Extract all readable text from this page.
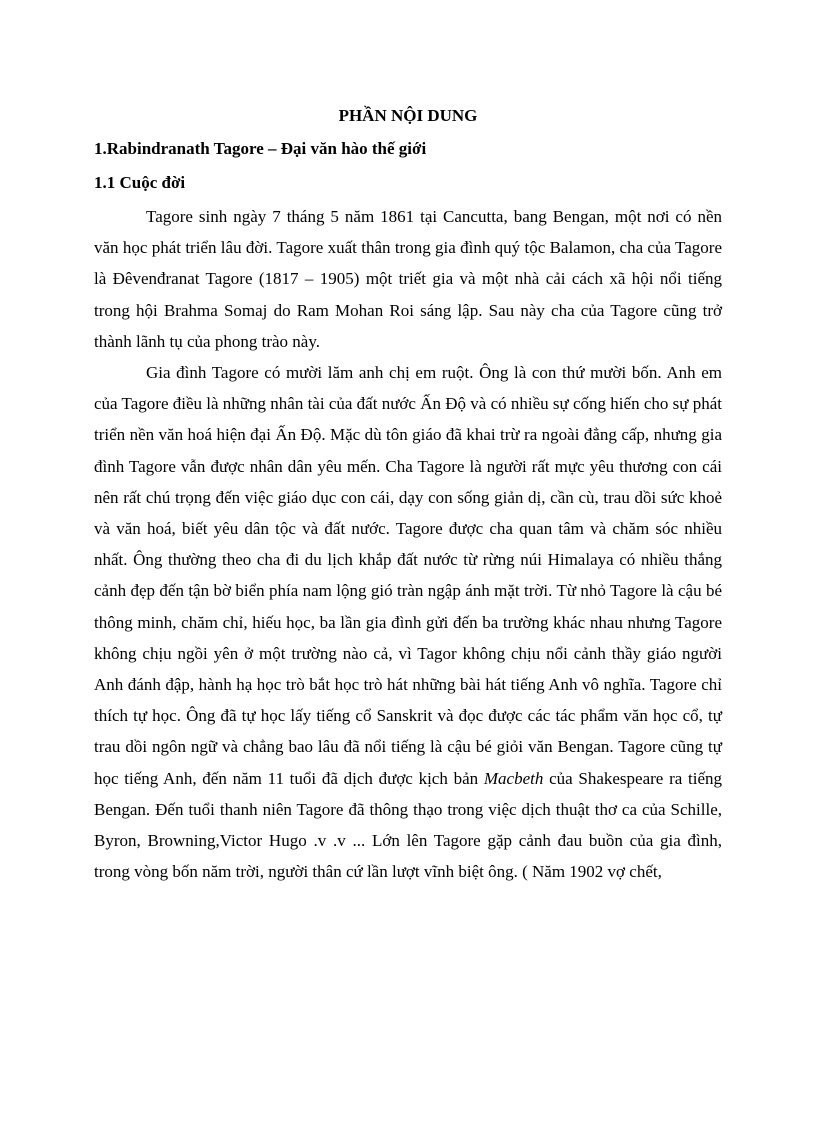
PHẦN NỘI DUNG
1.Rabindranath Tagore – Đại văn hào thế giới
1.1 Cuộc đời

Tagore sinh ngày 7 tháng 5 năm 1861 tại Cancutta, bang Bengan, một nơi có nền văn học phát triển lâu đời. Tagore xuất thân trong gia đình quý tộc Balamon, cha của Tagore là Đêvenđranat Tagore (1817 – 1905) một triết gia và một nhà cải cách xã hội nổi tiếng trong hội Brahma Somaj do Ram Mohan Roi sáng lập. Sau này cha của Tagore cũng trở thành lãnh tụ của phong trào này.

Gia đình Tagore có mười lăm anh chị em ruột. Ông là con thứ mười bốn. Anh em của Tagore điều là những nhân tài của đất nước Ấn Độ và có nhiều sự cống hiến cho sự phát triển nền văn hoá hiện đại Ấn Độ. Mặc dù tôn giáo đã khai trừ ra ngoài đẳng cấp, nhưng gia đình Tagore vẫn được nhân dân yêu mến. Cha Tagore là người rất mực yêu thương con cái nên rất chú trọng đến việc giáo dục con cái, dạy con sống giản dị, cần cù, trau dồi sức khoẻ và văn hoá, biết yêu dân tộc và đất nước. Tagore được cha quan tâm và chăm sóc nhiều nhất. Ông thường theo cha đi du lịch khắp đất nước từ rừng núi Himalaya có nhiều thắng cảnh đẹp đến tận bờ biển phía nam lộng gió tràn ngập ánh mặt trời. Từ nhỏ Tagore là cậu bé thông minh, chăm chỉ, hiếu học, ba lần gia đình gửi đến ba trường khác nhau nhưng Tagore không chịu ngồi yên ở một trường nào cả, vì Tagor không chịu nổi cảnh thầy giáo người Anh đánh đập, hành hạ học trò bắt học trò hát những bài hát tiếng Anh vô nghĩa. Tagore chỉ thích tự học. Ông đã tự học lấy tiếng cổ Sanskrit và đọc được các tác phẩm văn học cổ, tự trau dồi ngôn ngữ và chẳng bao lâu đã nổi tiếng là cậu bé giỏi văn Bengan. Tagore cũng tự học tiếng Anh, đến năm 11 tuổi đã dịch được kịch bản Macbeth của Shakespeare ra tiếng Bengan. Đến tuổi thanh niên Tagore đã thông thạo trong việc dịch thuật thơ ca của Schille, Byron, Browning,Victor Hugo .v .v ... Lớn lên Tagore gặp cảnh đau buồn của gia đình, trong vòng bốn năm trời, người thân cứ lần lượt vĩnh biệt ông. ( Năm 1902 vợ chết,
